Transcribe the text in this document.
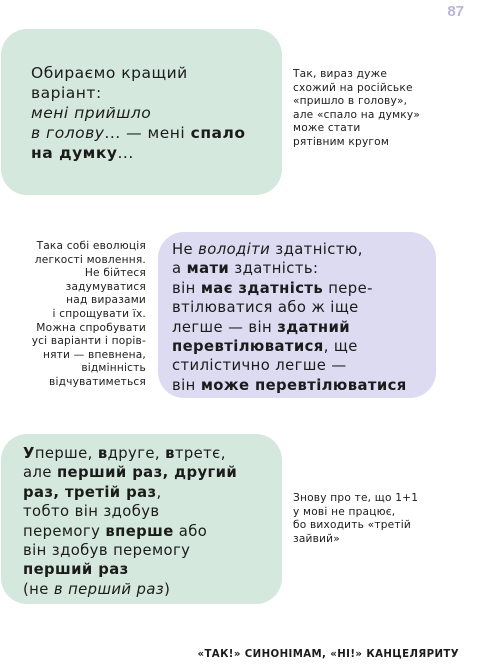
87
Обираємо кращий
варіант:
мені прийшло
в голову... — мені спало
на думку...
Так, вираз дуже
схожий на російське
«пришло в голову»,
але «спало на думку»
може стати
рятівним кругом
Така собі еволюція
легкості мовлення.
Не бійтеся
задумуватися
над виразами
і спрощувати їх.
Можна спробувати
усі варіанти і порів-
няти — впевнена,
відмінність
відчуватиметься
Не володіти здатністю,
а мати здатність:
він має здатність пере-
втілюватися або ж іще
легше — він здатний
перевтілюватися, ще
стилістично легше —
він може перевтілюватися
Уперше, вдруге, втретє,
але перший раз, другий
раз, третій раз,
тобто він здобув
перемогу вперше або
він здобув перемогу
перший раз
(не в перший раз)
Знову про те, що 1+1
у мові не працює,
бо виходить «третій
зайвий»
«ТАК!» СИНОНІМАМ, «НІ!» КАНЦЕЛЯРИТУ
